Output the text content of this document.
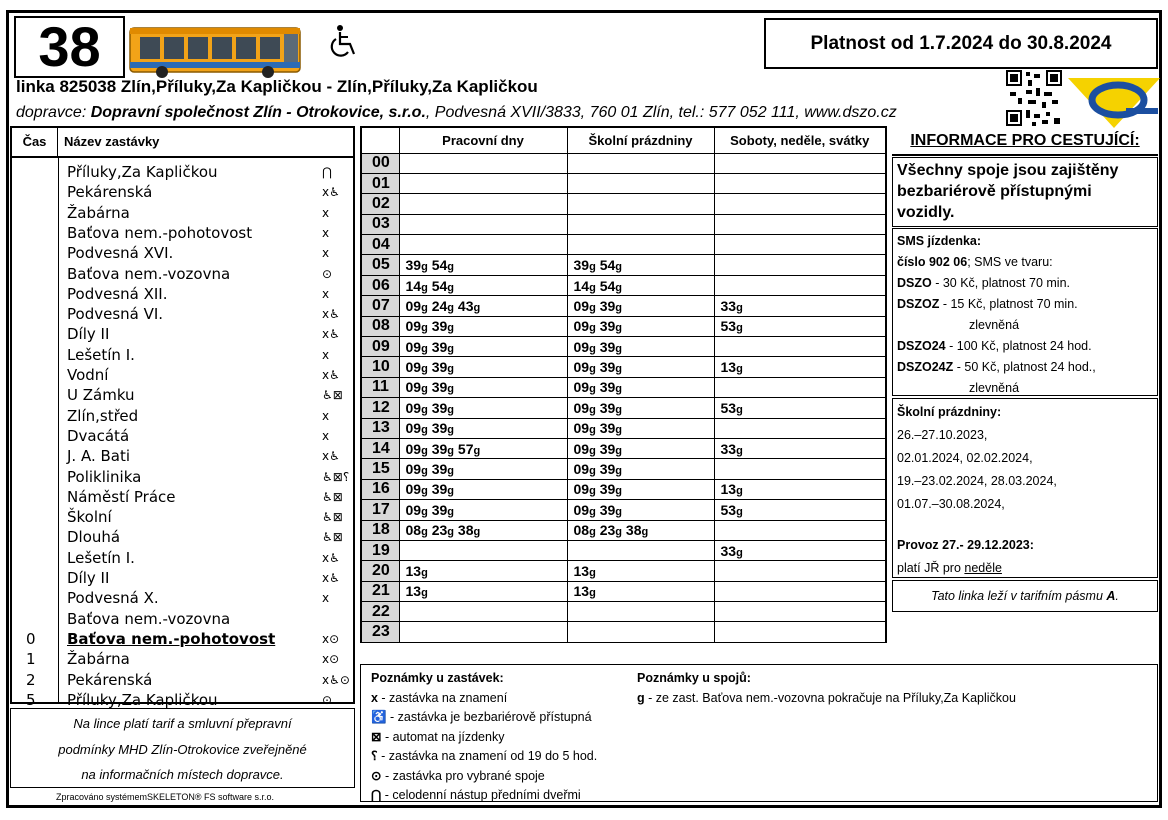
38	Platnost od 1.7.2024 do 30.8.2024
linka 825038 Zlín,Příluky,Za Kapličkou - Zlín,Příluky,Za Kapličkou
dopravce: Dopravní společnost Zlín - Otrokovice, s.r.o., Podvesná XVII/3833, 760 01 Zlín, tel.: 577 052 111, www.dszo.cz
Čas	Název zastávky
Příluky,Za Kapličkou	⋂
Pekárenská	x♿
Žabárna	x
Baťova nem.-pohotovost	x
Podvesná XVI.	x
Baťova nem.-vozovna	⊙
Podvesná XII.	x
Podvesná VI.	x♿
Díly II	x♿
Lešetín I.	x
Vodní	x♿
U Zámku	♿⊠
Zlín,střed	x
Dvacátá	x
J. A. Bati	x♿
Poliklinika	♿⊠⸮
Náměstí Práce	♿⊠
Školní	♿⊠
Dlouhá	♿⊠
Lešetín I.	x♿
Díly II	x♿
Podvesná X.	x
Baťova nem.-vozovna
0	Baťova nem.-pohotovost	x⊙
1	Žabárna	x⊙
2	Pekárenská	x♿⊙
5	Příluky,Za Kapličkou	⊙
Na lince platí tarif a smluvní přepravní
podmínky MHD Zlín-Otrokovice zveřejněné
na informačních místech dopravce.
Zpracováno systémemSKELETON® FS software s.r.o.
	Pracovní dny	Školní prázdniny	Soboty, neděle, svátky
00			
01			
02			
03			
04			
05	39g 54g	39g 54g	
06	14g 54g	14g 54g	
07	09g 24g 43g	09g 39g	33g
08	09g 39g	09g 39g	53g
09	09g 39g	09g 39g	
10	09g 39g	09g 39g	13g
11	09g 39g	09g 39g	
12	09g 39g	09g 39g	53g
13	09g 39g	09g 39g	
14	09g 39g 57g	09g 39g	33g
15	09g 39g	09g 39g	
16	09g 39g	09g 39g	13g
17	09g 39g	09g 39g	53g
18	08g 23g 38g	08g 23g 38g	
19			33g
20	13g	13g	
21	13g	13g	
22			
23			
INFORMACE PRO CESTUJÍCÍ:
Všechny spoje jsou zajištěny bezbariérově přístupnými vozidly.
SMS jízdenka:
číslo 902 06; SMS ve tvaru:
DSZO - 30 Kč, platnost 70 min.
DSZOZ - 15 Kč, platnost 70 min.
zlevněná
DSZO24 - 100 Kč, platnost 24 hod.
DSZO24Z - 50 Kč, platnost 24 hod.,
zlevněná
Školní prázdniny:
26.–27.10.2023,
02.01.2024, 02.02.2024,
19.–23.02.2024, 28.03.2024,
01.07.–30.08.2024,
Provoz 27.- 29.12.2023:
platí JŘ pro neděle
Tato linka leží v tarifním pásmu A.
Poznámky u zastávek:
x - zastávka na znamení
♿ - zastávka je bezbariérově přístupná
⊠ - automat na jízdenky
⸮ - zastávka na znamení od 19 do 5 hod.
⊙ - zastávka pro vybrané spoje
⋂ - celodenní nástup předními dveřmi
Poznámky u spojů:
g - ze zast. Baťova nem.-vozovna pokračuje na Příluky,Za Kapličkou
